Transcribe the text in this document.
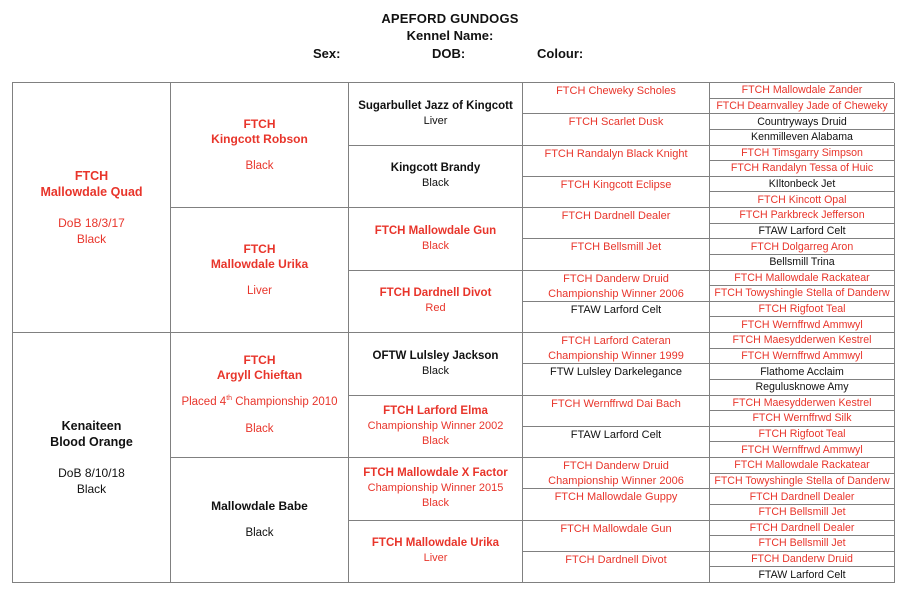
APEFORD GUNDOGS
Kennel Name:
Sex:	DOB:	Colour:
FTCH
Mallowdale Quad
DoB 18/3/17
Black
Kenaiteen
Blood Orange
DoB 8/10/18
Black
FTCH
Kingcott Robson
Black
FTCH
Mallowdale Urika
Liver
FTCH
Argyll Chieftan
Placed 4th Championship 2010
Black
Mallowdale Babe
Black
Sugarbullet Jazz of Kingcott
Liver
Kingcott Brandy
Black
FTCH Mallowdale Gun
Black
FTCH Dardnell Divot
Red
OFTW Lulsley Jackson
Black
FTCH Larford Elma
Championship Winner 2002
Black
FTCH Mallowdale X Factor
Championship Winner 2015
Black
FTCH Mallowdale Urika
Liver
FTCH Cheweky Scholes
FTCH Scarlet Dusk
FTCH Randalyn Black Knight
FTCH Kingcott Eclipse
FTCH Dardnell Dealer
FTCH Bellsmill Jet
FTCH Danderw Druid
Championship Winner 2006
FTAW Larford Celt
FTCH Larford Cateran
Championship Winner 1999
FTW Lulsley Darkelegance
FTCH Wernffrwd Dai Bach
FTAW Larford Celt
FTCH Danderw Druid
Championship Winner 2006
FTCH Mallowdale Guppy
FTCH Mallowdale Gun
FTCH Dardnell Divot
FTCH Mallowdale Zander
FTCH Dearnvalley Jade of Cheweky
Countryways Druid
Kenmilleven Alabama
FTCH Timsgarry Simpson
FTCH Randalyn Tessa of Huic
KIltonbeck Jet
FTCH Kincott Opal
FTCH Parkbreck Jefferson
FTAW Larford Celt
FTCH Dolgarreg Aron
Bellsmill Trina
FTCH Mallowdale Rackatear
FTCH Towyshingle Stella of Danderw
FTCH Rigfoot Teal
FTCH Wernffrwd Ammwyl
FTCH Maesydderwen Kestrel
FTCH Wernffrwd Ammwyl
Flathome Acclaim
Regulusknowe Amy
FTCH Maesydderwen Kestrel
FTCH Wernffrwd Silk
FTCH Rigfoot Teal
FTCH Wernffrwd Ammwyl
FTCH Mallowdale Rackatear
FTCH Towyshingle Stella of Danderw
FTCH Dardnell Dealer
FTCH Bellsmill Jet
FTCH Dardnell Dealer
FTCH Bellsmill Jet
FTCH Danderw Druid
FTAW Larford Celt
